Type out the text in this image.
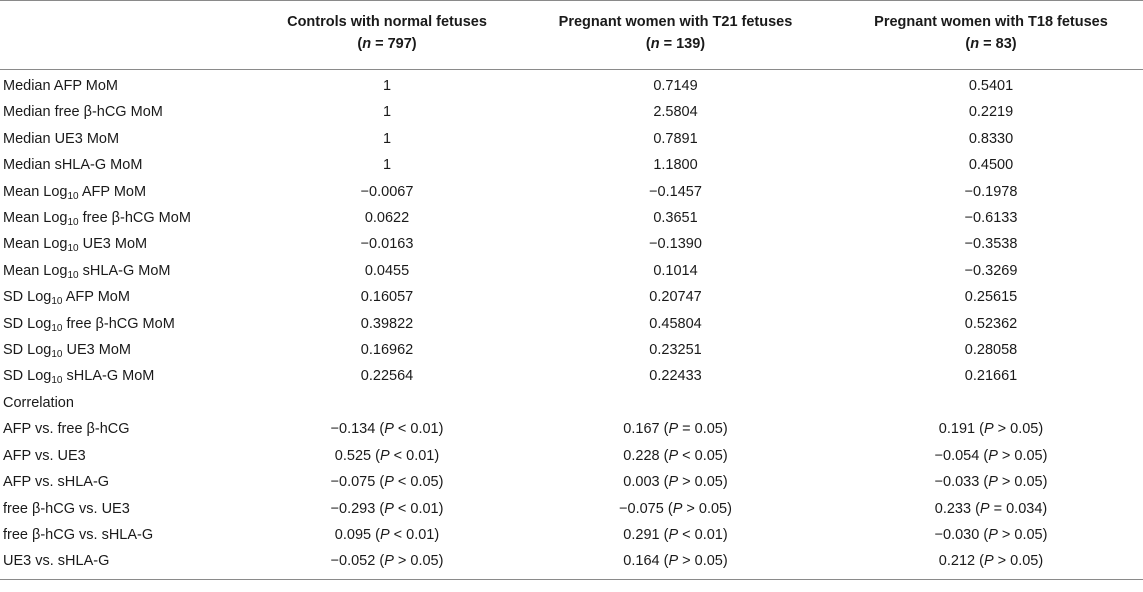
	Controls with normal fetuses	Pregnant women with T21 fetuses	Pregnant women with T18 fetuses
	(n = 797)	(n = 139)	(n = 83)
Median AFP MoM	1	0.7149	0.5401
Median free β-hCG MoM	1	2.5804	0.2219
Median UE3 MoM	1	0.7891	0.8330
Median sHLA-G MoM	1	1.1800	0.4500
Mean Log$_{10}$ AFP MoM	−0.0067	−0.1457	−0.1978
Mean Log$_{10}$ free β-hCG MoM	0.0622	0.3651	−0.6133
Mean Log$_{10}$ UE3 MoM	−0.0163	−0.1390	−0.3538
Mean Log$_{10}$ sHLA-G MoM	0.0455	0.1014	−0.3269
SD Log$_{10}$ AFP MoM	0.16057	0.20747	0.25615
SD Log$_{10}$ free β-hCG MoM	0.39822	0.45804	0.52362
SD Log$_{10}$ UE3 MoM	0.16962	0.23251	0.28058
SD Log$_{10}$ sHLA-G MoM	0.22564	0.22433	0.21661
Correlation			
AFP vs. free β-hCG	−0.134 (P < 0.01)	0.167 (P = 0.05)	0.191 (P > 0.05)
AFP vs. UE3	0.525 (P < 0.01)	0.228 (P < 0.05)	−0.054 (P > 0.05)
AFP vs. sHLA-G	−0.075 (P < 0.05)	0.003 (P > 0.05)	−0.033 (P > 0.05)
free β-hCG vs. UE3	−0.293 (P < 0.01)	−0.075 (P > 0.05)	0.233 (P = 0.034)
free β-hCG vs. sHLA-G	0.095 (P < 0.01)	0.291 (P < 0.01)	−0.030 (P > 0.05)
UE3 vs. sHLA-G	−0.052 (P > 0.05)	0.164 (P > 0.05)	0.212 (P > 0.05)
